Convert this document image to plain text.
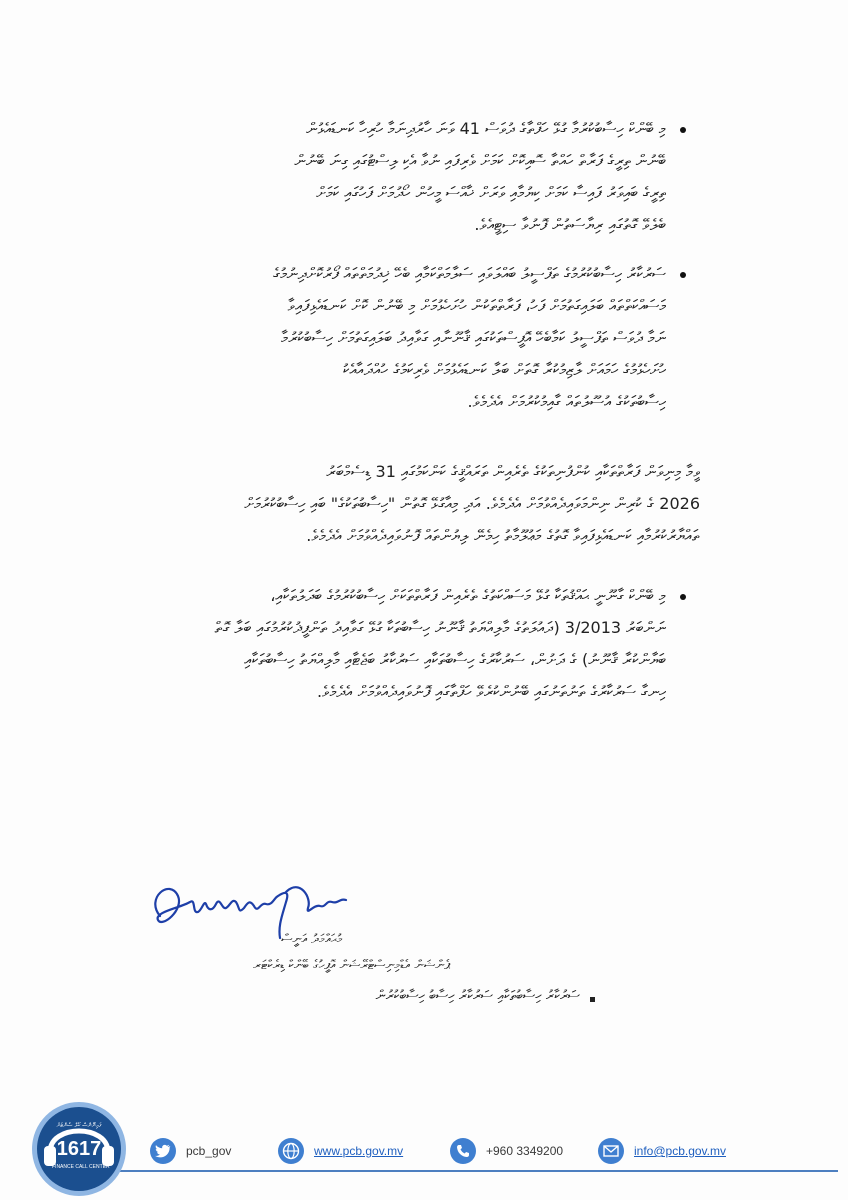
މި ބޭންކް ހިސާބުކުރުމާ ގުޅޭ ހަފްތާގެ ދުވަސް 41 ވަނަ ހާރުދިނަމާ ހުރިހާ ކަނޑައެޅުން
ބޭނުން ތިރީގެ ފަރާތް ހައްތާ ސޮއިކޮށް ކަމަށް ވެރިފައި ނުވާ އެކި ލިސްޓުގައި ގިނަ ބޭނުން
ތިރީގެ ބައިވަރު ފައިސާ ކަމަށް ކިޔުމާއި ވަރަށް ޚާއްސަ މީހުން ހޯދުމަށް ފަހުގައި ކަމަށް
ބެލެވޭ ގޮތުގައި ރިޔާސަތުން ފޮނުވާ ސިޓީއެވެ.
ސަރުކާރު ހިސާބުކުރުމުގެ ތަފްސީލު ބައްލަވައި ސަލާމަތްކަމާއި ބެހޭ ޚިދުމަތްތައް ފޯރުކޮށްދިނުމުގެ
މަސައްކަތްތައް ބަލައިގަތުމަށް ފަހު، ފަރާތްތަކުން ހުށަހެޅުމަށް މި ބޭނުން ކޮށް ކަނޑައެޅިފައިވާ
ނަމާ ދުވަސް ތަފްސީލު ކަމާބެހޭ އޮފީސްތަކުގައި ޤާނޫނާއި ގަވާއިދު ބަލައިގަތުމަށް ހިސާބުކުރުމާ
ހުށަހެޅުމުގެ ހަމައަށް ލާޒިމުކުރާ ގޮތަށް ބަލާ ކަނޑައެޅުމަށް ވެރިކަމުގެ ހުއްދައާއެކު
ހިސާބުތަކުގެ އުސޫލުތައް ގާއިމުކުރުމަށް އެދެމެވެ.
ވީމާ މިނިވަން ފަރާތްތަކާއި ކުންފުނިތަކުގެ ތެރެއިން ތަރައްޤީގެ ކަންކަމުގައި 31 ޑިސެމްބަރު
2026 ގެ ކުރިން ނިންމަވައިދެއްވުމަށް އެދެމެވެ. އަދި މިއާގުޅޭ ގޮތުން "ހިސާބުތަކުގެ" ބައި ހިސާބުކުރުމަށް
ތައްޔާރުކުރުމާއި ކަނޑައެޅިފައިވާ ގޮތުގެ މަޢުލޫމާތު ހިމެނޭ ލިޔުންތައް ފޮނުވައިދެއްވުމަށް އެދެމެވެ.
މި ބޭންކް ގާނޫނީ ޙައްޤުތަކާ ގުޅޭ މަސައްކަތުގެ ތެރެއިން ފަރާތްތަކަށް ހިސާބުކުރުމުގެ ބަދަލުތަކާއި،
ނަންބަރު 3/2013 (ދައުލަތުގެ މާލިއްޔަތު ޤާނޫނު ހިސާބުތަކާ ގުޅޭ ގަވާއިދު ތަންފީޛުކުރުމުގައި ބަލާ ގޮތް
ބަޔާންކުރާ ޤާނޫނު) ގެ ދަށުން، ސަރުކާރުގެ ހިސާބުތަކާއި ސަރުކާރު ބަޖެޓާއި މާލިއްޔަތު ހިސާބުތަކާއި
ހިނގާ ސަރުކާރުގެ ތަނުތަނުގައި ބޭނުންކުރެވޭ ހަފްތާގައި ފޮނުވައިދެއްވުމަށް އެދެމެވެ.
މުޙައްމަދު އަނީސް
ޕެންޝަން އެޑްމިނިސްޓްރޭޝަން އޮފީހުގެ ބޭންކް ޑިރެކްޓަރ
ސަރުކާރު ހިސާބުތަކާއި ސަރުކާރު ހިސާބު ހިސާބުކުރުން
ފައިނޭންސް ކޯލް ސެންޓަރު
1617
FINANCE CALL CENTER
pcb_gov	www.pcb.gov.mv	+960 3349200	info@pcb.gov.mv
